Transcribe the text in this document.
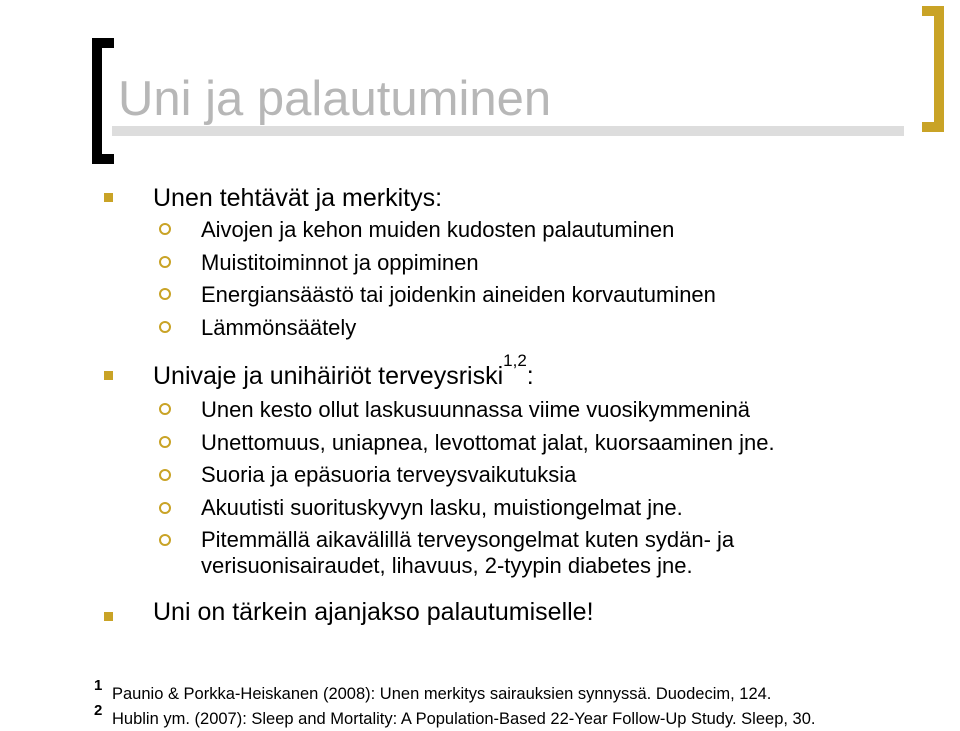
Uni ja palautuminen
Unen tehtävät ja merkitys:
Aivojen ja kehon muiden kudosten palautuminen
Muistitoiminnot ja oppiminen
Energiansäästö tai joidenkin aineiden korvautuminen
Lämmönsäätely
Univaje ja unihäiriöt terveysriski$^{1,2}$:
Unen kesto ollut laskusuunnassa viime vuosikymmeninä
Unettomuus, uniapnea, levottomat jalat, kuorsaaminen jne.
Suoria ja epäsuoria terveysvaikutuksia
Akuutisti suorituskyvyn lasku, muistiongelmat jne.
Pitemmällä aikavälillä terveysongelmat kuten sydän- ja
verisuonisairaudet, lihavuus, 2-tyypin diabetes jne.
Uni on tärkein ajanjakso palautumiselle!
1 Paunio & Porkka-Heiskanen (2008): Unen merkitys sairauksien synnyssä. Duodecim, 124.
2 Hublin ym. (2007): Sleep and Mortality: A Population-Based 22-Year Follow-Up Study. Sleep, 30.
